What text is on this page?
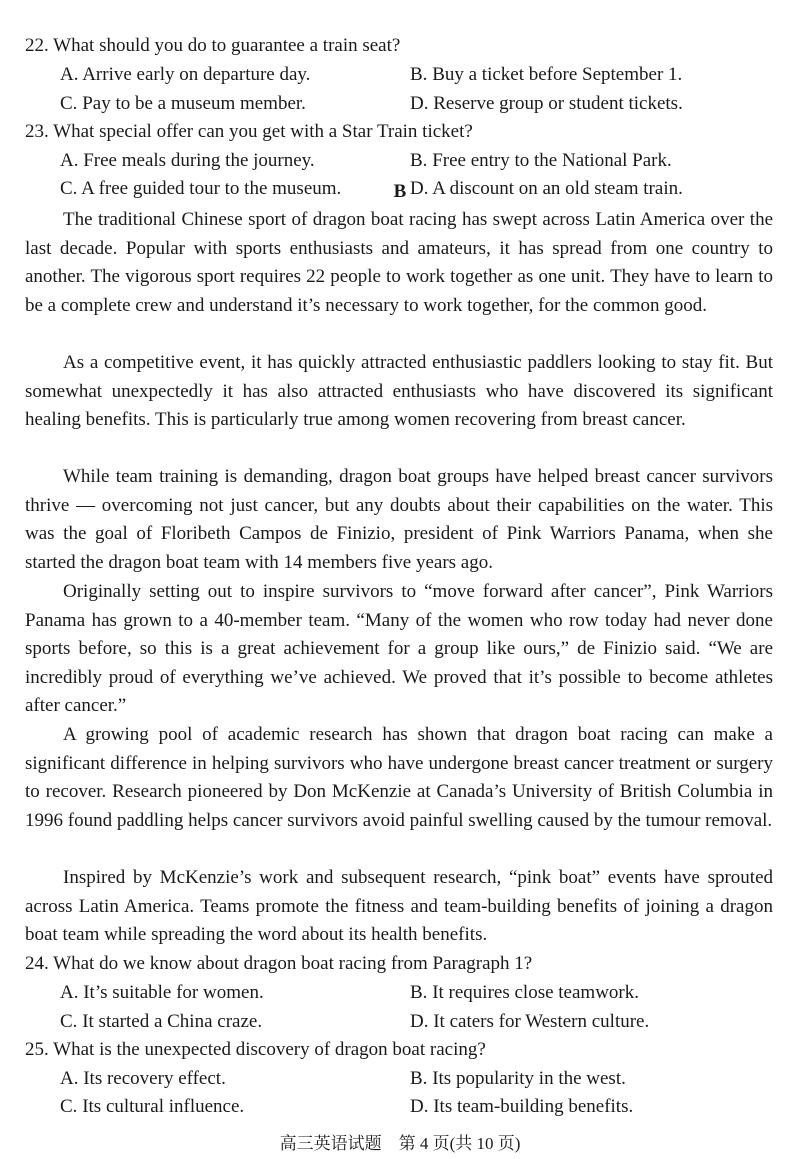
22. What should you do to guarantee a train seat?
A. Arrive early on departure day.	B. Buy a ticket before September 1.
C. Pay to be a museum member.	D. Reserve group or student tickets.
23. What special offer can you get with a Star Train ticket?
A. Free meals during the journey.	B. Free entry to the National Park.
C. A free guided tour to the museum.	D. A discount on an old steam train.
B
The traditional Chinese sport of dragon boat racing has swept across Latin America over the last decade. Popular with sports enthusiasts and amateurs, it has spread from one country to another. The vigorous sport requires 22 people to work together as one unit. They have to learn to be a complete crew and understand it’s necessary to work together, for the common good.
As a competitive event, it has quickly attracted enthusiastic paddlers looking to stay fit. But somewhat unexpectedly it has also attracted enthusiasts who have discovered its significant healing benefits. This is particularly true among women recovering from breast cancer.
While team training is demanding, dragon boat groups have helped breast cancer survivors thrive — overcoming not just cancer, but any doubts about their capabilities on the water. This was the goal of Floribeth Campos de Finizio, president of Pink Warriors Panama, when she started the dragon boat team with 14 members five years ago.
Originally setting out to inspire survivors to “move forward after cancer”, Pink Warriors Panama has grown to a 40-member team. “Many of the women who row today had never done sports before, so this is a great achievement for a group like ours,” de Finizio said. “We are incredibly proud of everything we’ve achieved. We proved that it’s possible to become athletes after cancer.”
A growing pool of academic research has shown that dragon boat racing can make a significant difference in helping survivors who have undergone breast cancer treatment or surgery to recover. Research pioneered by Don McKenzie at Canada’s University of British Columbia in 1996 found paddling helps cancer survivors avoid painful swelling caused by the tumour removal.
Inspired by McKenzie’s work and subsequent research, “pink boat” events have sprouted across Latin America. Teams promote the fitness and team-building benefits of joining a dragon boat team while spreading the word about its health benefits.
24. What do we know about dragon boat racing from Paragraph 1?
A. It’s suitable for women.	B. It requires close teamwork.
C. It started a China craze.	D. It caters for Western culture.
25. What is the unexpected discovery of dragon boat racing?
A. Its recovery effect.	B. Its popularity in the west.
C. Its cultural influence.	D. Its team-building benefits.
高三英语试题　第 4 页(共 10 页)
